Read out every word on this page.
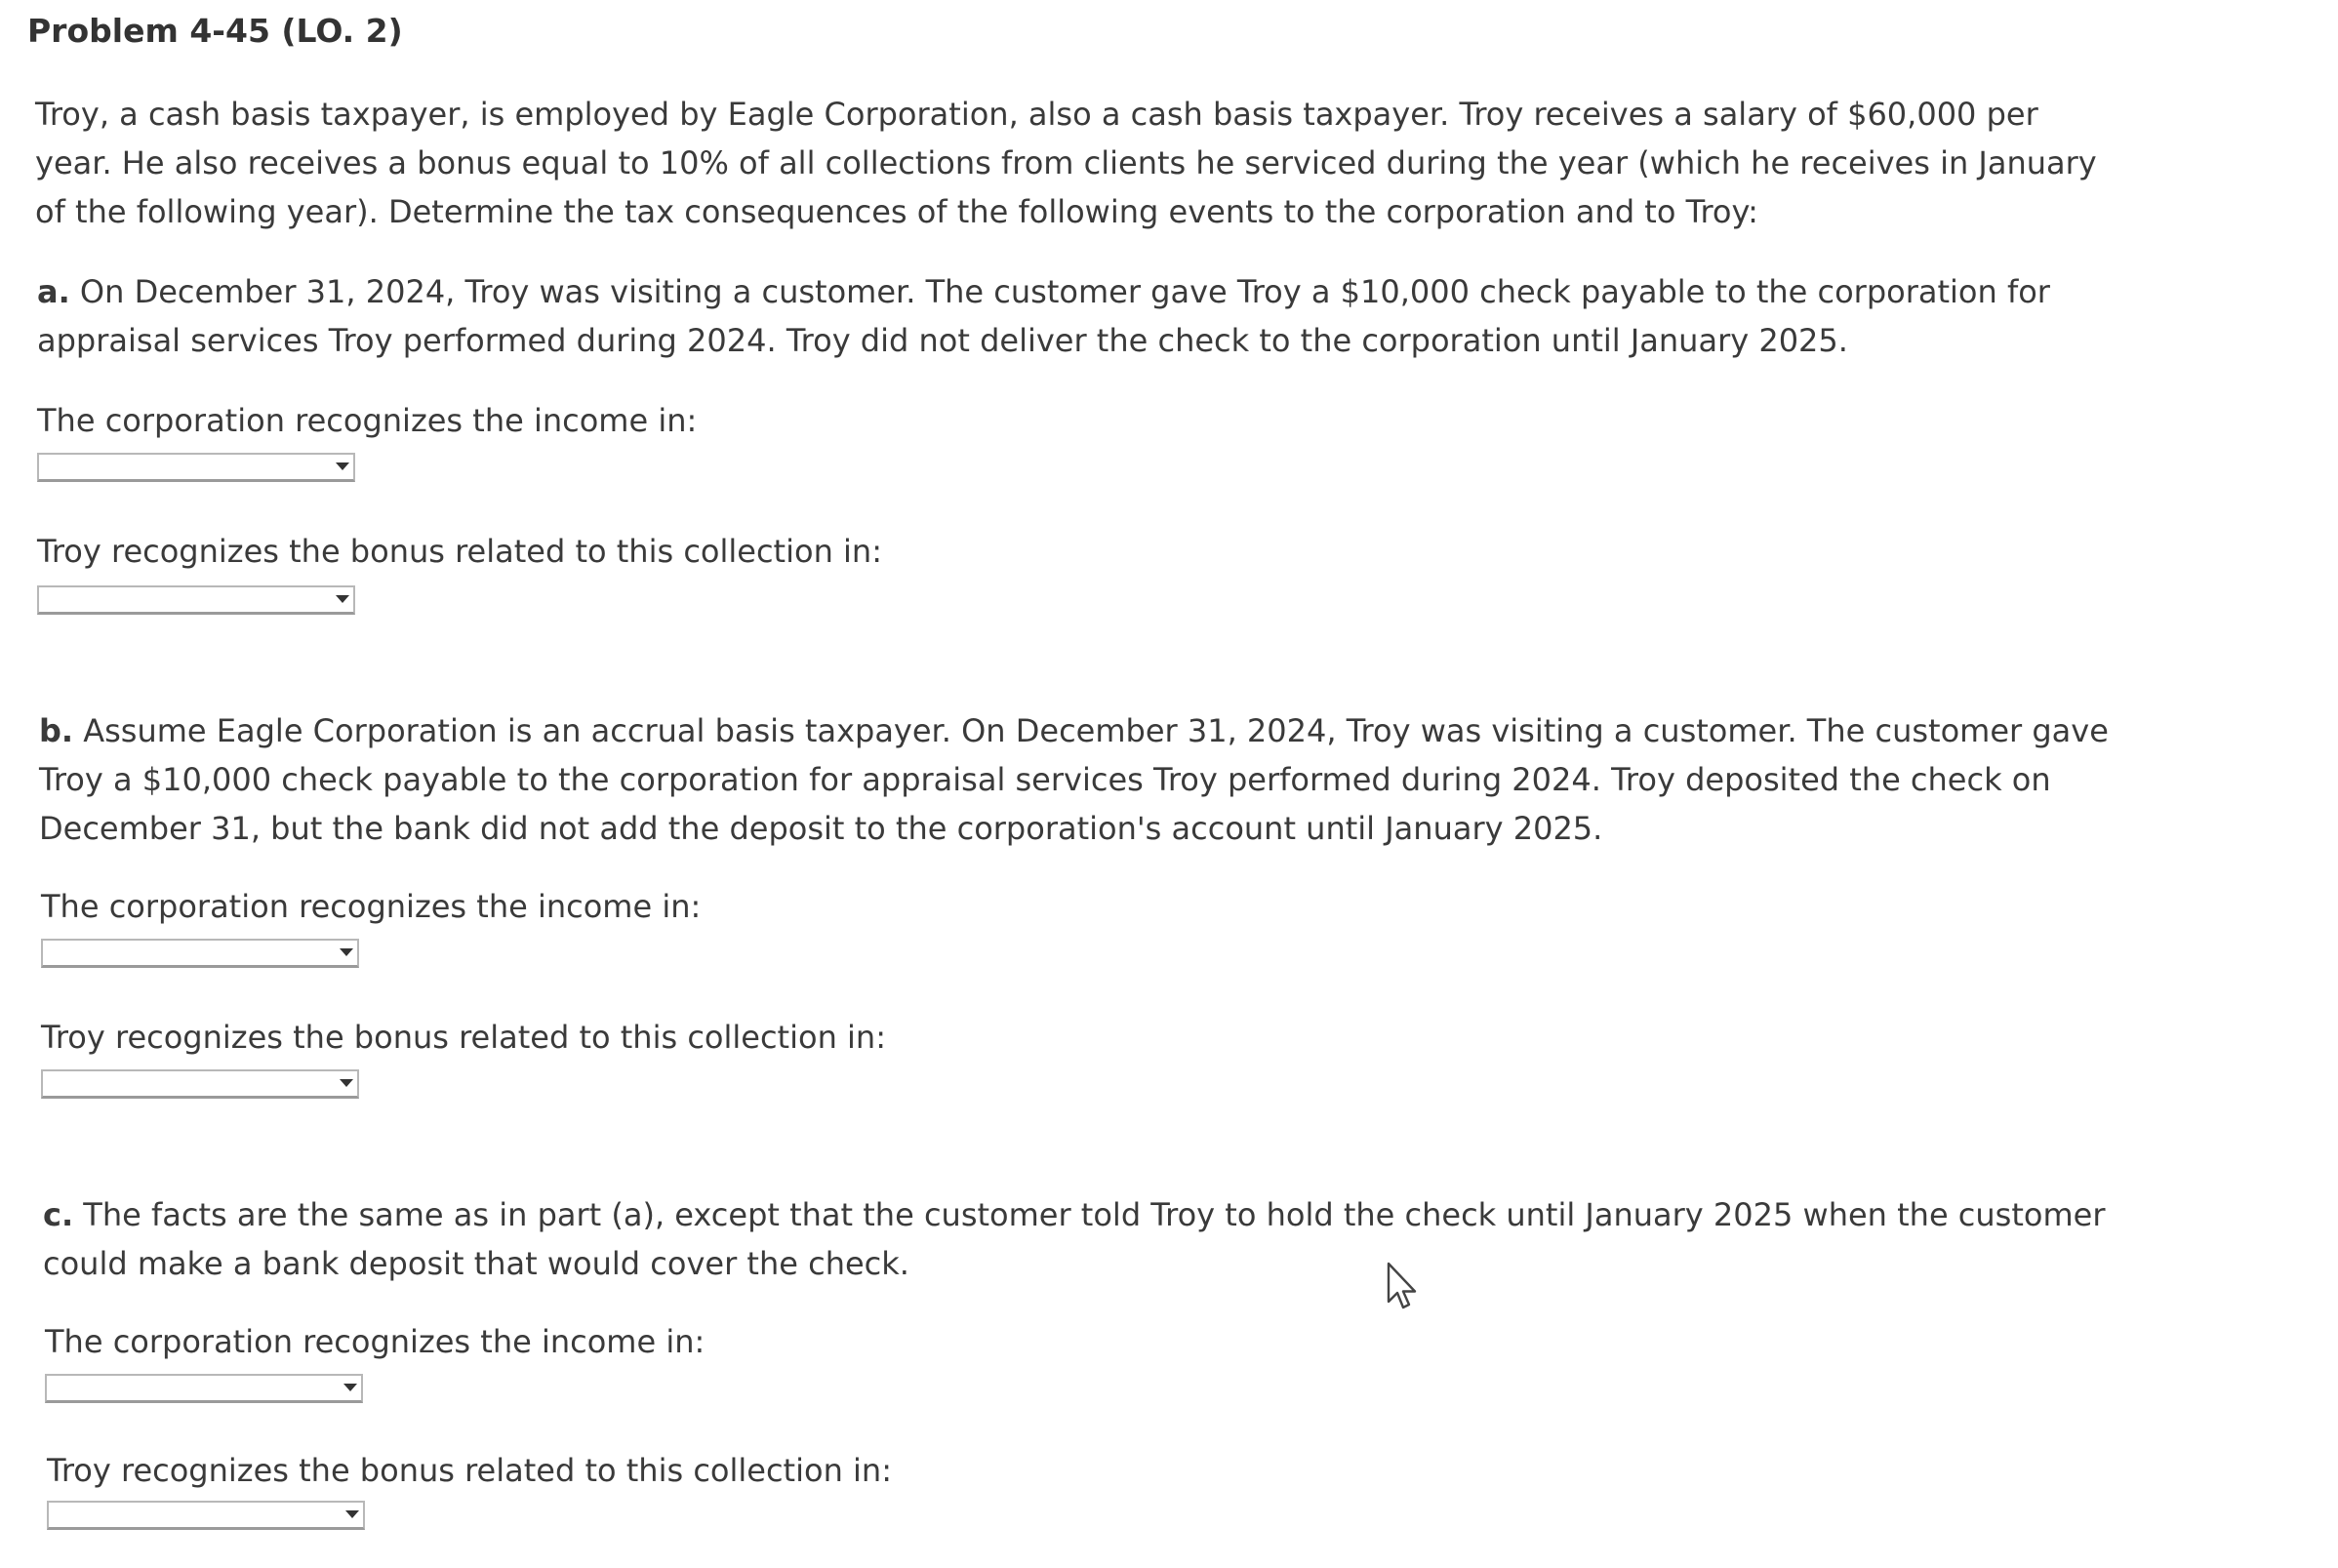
Problem 4-45 (LO. 2)

Troy, a cash basis taxpayer, is employed by Eagle Corporation, also a cash basis taxpayer. Troy receives a salary of $60,000 per year. He also receives a bonus equal to 10% of all collections from clients he serviced during the year (which he receives in January of the following year). Determine the tax consequences of the following events to the corporation and to Troy:

a. On December 31, 2024, Troy was visiting a customer. The customer gave Troy a $10,000 check payable to the corporation for appraisal services Troy performed during 2024. Troy did not deliver the check to the corporation until January 2025.

The corporation recognizes the income in:
Troy recognizes the bonus related to this collection in:

b. Assume Eagle Corporation is an accrual basis taxpayer. On December 31, 2024, Troy was visiting a customer. The customer gave Troy a $10,000 check payable to the corporation for appraisal services Troy performed during 2024. Troy deposited the check on December 31, but the bank did not add the deposit to the corporation's account until January 2025.

The corporation recognizes the income in:
Troy recognizes the bonus related to this collection in:

c. The facts are the same as in part (a), except that the customer told Troy to hold the check until January 2025 when the customer could make a bank deposit that would cover the check.

The corporation recognizes the income in:
Troy recognizes the bonus related to this collection in:
